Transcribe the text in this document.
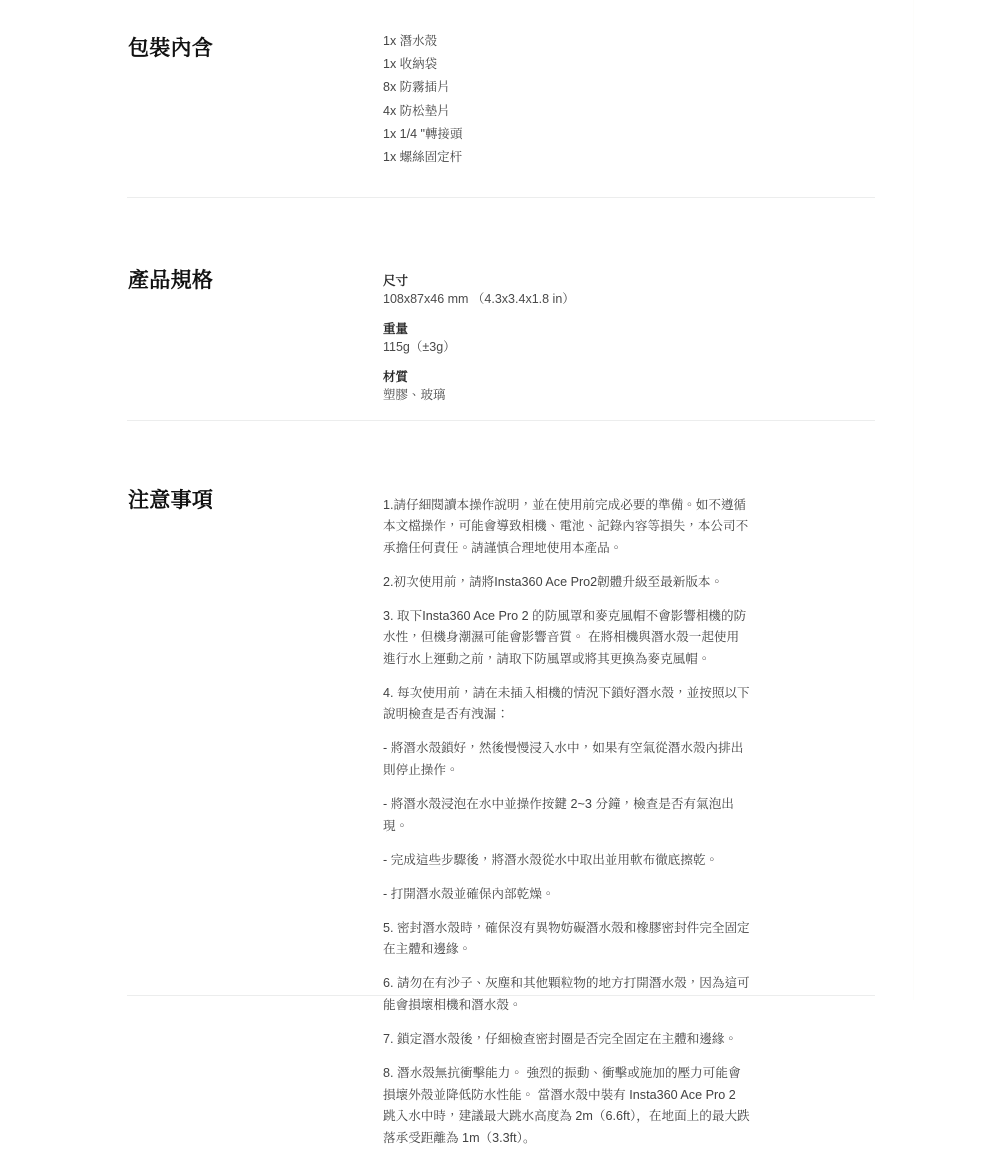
包裝內含	1x 潛水殼
1x 收納袋
8x 防霧插片
4x 防松墊片
1x 1/4 "轉接頭
1x 螺絲固定杆
產品規格	尺寸
108x87x46 mm （4.3x3.4x1.8 in）
重量
115g（±3g）
材質
塑膠、玻璃
注意事項	1.請仔細閱讀本操作說明，並在使用前完成必要的準備。如不遵循本文檔操作，可能會導致相機、電池、記錄內容等損失，本公司不承擔任何責任。請謹慎合理地使用本產品。

2.初次使用前，請將Insta360 Ace Pro2韌體升級至最新版本。

3. 取下Insta360 Ace Pro 2 的防風罩和麥克風帽不會影響相機的防水性，但機身潮濕可能會影響音質。 在將相機與潛水殼一起使用進行水上運動之前，請取下防風罩或將其更換為麥克風帽。

4. 每次使用前，請在未插入相機的情況下鎖好潛水殼，並按照以下說明檢查是否有洩漏：

- 將潛水殼鎖好，然後慢慢浸入水中，如果有空氣從潛水殼內排出則停止操作。

- 將潛水殼浸泡在水中並操作按鍵 2~3 分鐘，檢查是否有氣泡出現。

- 完成這些步驟後，將潛水殼從水中取出並用軟布徹底擦乾。

- 打開潛水殼並確保內部乾燥。

5. 密封潛水殼時，確保沒有異物妨礙潛水殼和橡膠密封件完全固定在主體和邊緣。

6. 請勿在有沙子、灰塵和其他顆粒物的地方打開潛水殼，因為這可能會損壞相機和潛水殼。

7. 鎖定潛水殼後，仔細檢查密封圈是否完全固定在主體和邊緣。

8. 潛水殼無抗衝擊能力。 強烈的振動、衝擊或施加的壓力可能會損壞外殼並降低防水性能。 當潛水殼中裝有 Insta360 Ace Pro 2 跳入水中時，建議最大跳水高度為 2m（6.6ft），在地面上的最大跌落承受距離為 1m（3.3ft）。
